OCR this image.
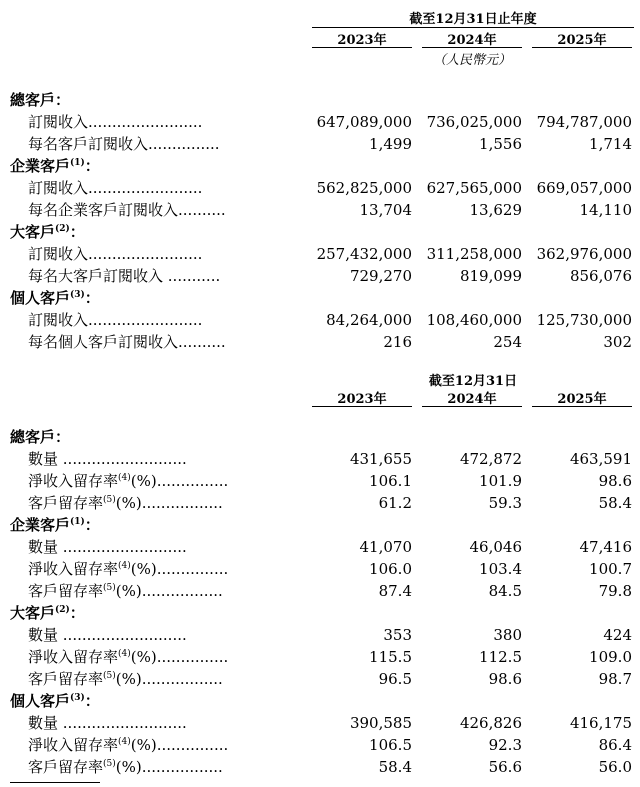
截至12月31日止年度
2023年	2024年	2025年
（人民幣元）
總客戶：
訂閱收入........................	647,089,000 736,025,000 794,787,000
每名客戶訂閱收入...............	1,499	1,556	1,714
企業客戶$^{(1)}$：
訂閱收入........................	562,825,000 627,565,000 669,057,000
每名企業客戶訂閱收入..........	13,704	13,629	14,110
大客戶$^{(2)}$：
訂閱收入........................	257,432,000 311,258,000 362,976,000
每名大客戶訂閱收入 ...........	729,270	819,099	856,076
個人客戶$^{(3)}$：
訂閱收入........................	84,264,000 108,460,000 125,730,000
每名個人客戶訂閱收入..........	216	254	302
截至12月31日
2023年	2024年	2025年
總客戶：
數量 ..........................	431,655	472,872	463,591
淨收入留存率$^{(4)}$(%)...............	106.1	101.9	98.6
客戶留存率$^{(5)}$(%).................	61.2	59.3	58.4
企業客戶$^{(1)}$：
數量 ..........................	41,070	46,046	47,416
淨收入留存率$^{(4)}$(%)...............	106.0	103.4	100.7
客戶留存率$^{(5)}$(%).................	87.4	84.5	79.8
大客戶$^{(2)}$：
數量 ..........................	353	380	424
淨收入留存率$^{(4)}$(%)...............	115.5	112.5	109.0
客戶留存率$^{(5)}$(%).................	96.5	98.6	98.7
個人客戶$^{(3)}$：
數量 ..........................	390,585	426,826	416,175
淨收入留存率$^{(4)}$(%)...............	106.5	92.3	86.4
客戶留存率$^{(5)}$(%).................	58.4	56.6	56.0
